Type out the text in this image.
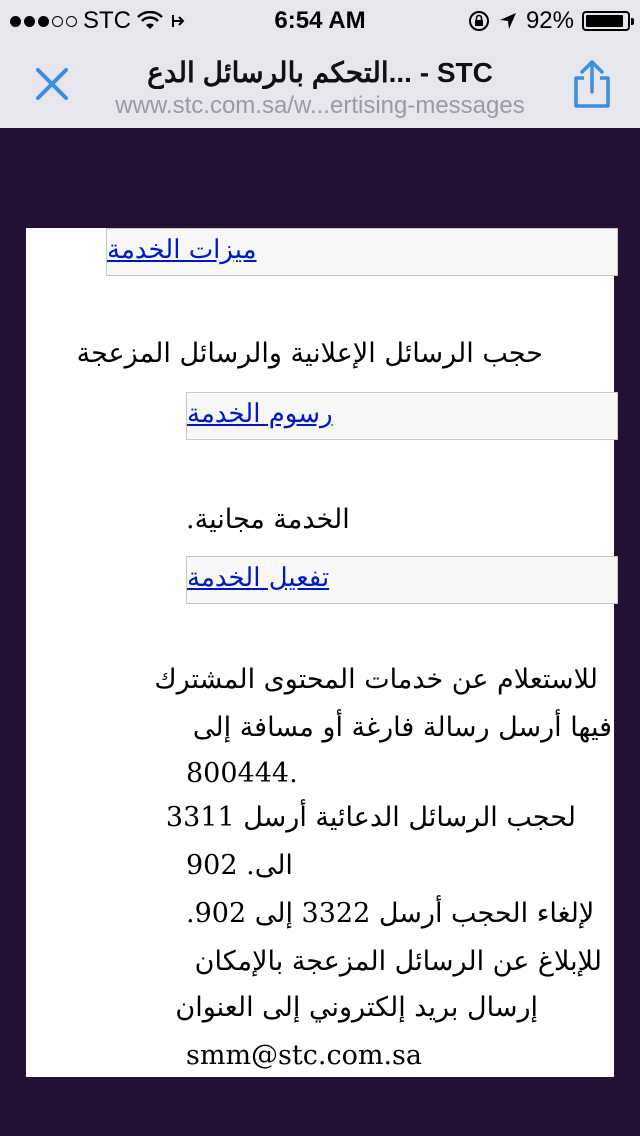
STC	6:54 AM	92%
التحكم بالرسائل الدع... - STC
www.stc.com.sa/w...ertising-messages
ميزات الخدمة
حجب الرسائل الإعلانية والرسائل المزعجة
رسوم الخدمة
.الخدمة مجانية
تفعيل الخدمة
للاستعلام عن خدمات المحتوى المشترك
فيها أرسل رسالة فارغة أو مسافة إلى
800444.
لحجب الرسائل الدعائية أرسل 3311
902 .الى
.لإلغاء الحجب أرسل 3322 إلى 902
للإبلاغ عن الرسائل المزعجة بالإمكان
إرسال بريد إلكتروني إلى العنوان
smm@stc.com.sa
